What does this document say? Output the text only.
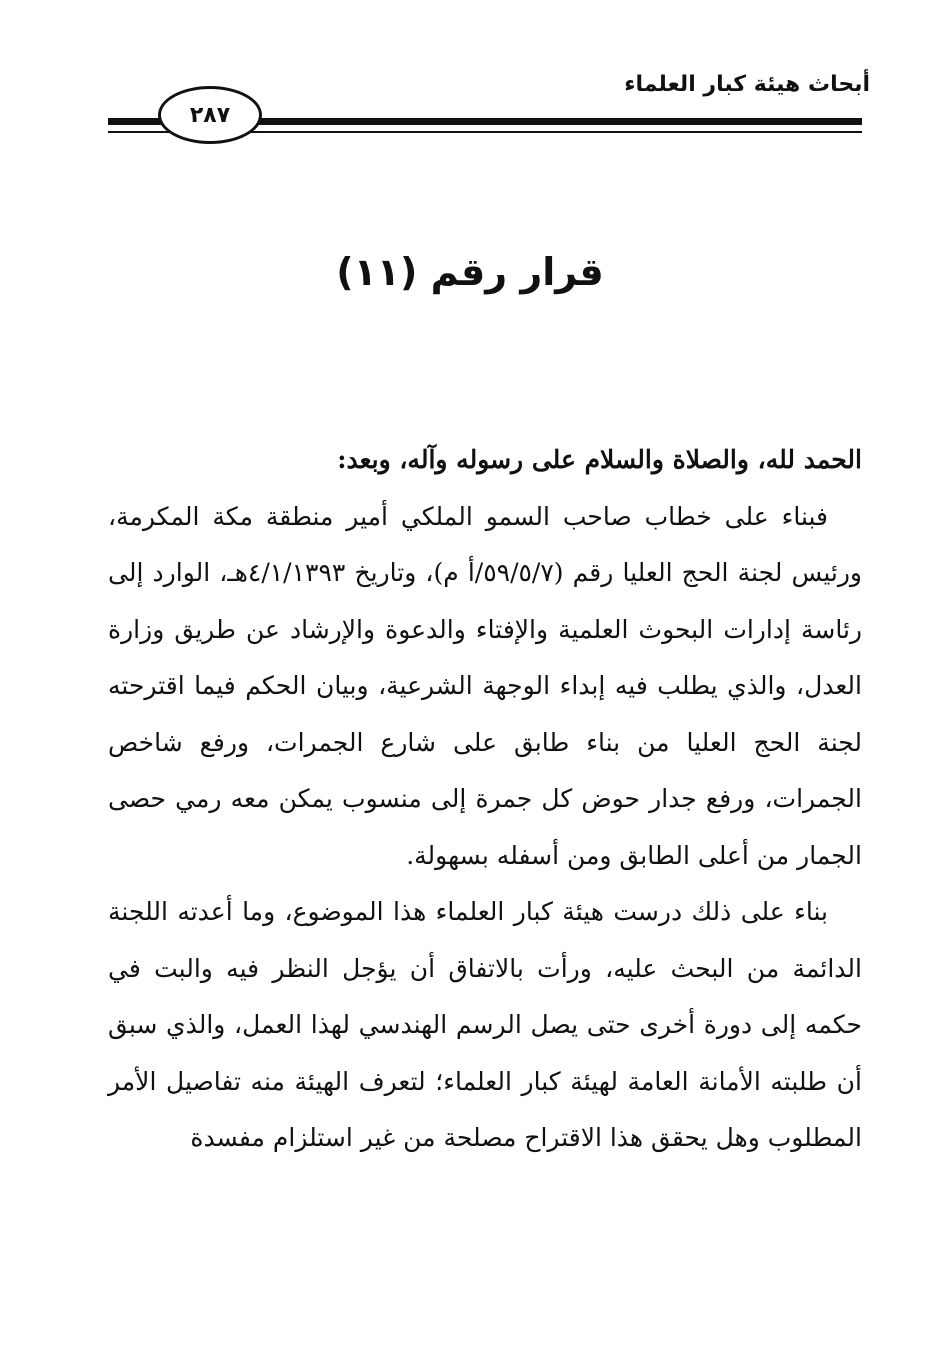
أبحاث هيئة كبار العلماء
٢٨٧
قرار رقم (١١)

الحمد لله، والصلاة والسلام على رسوله وآله، وبعد:

فبناء على خطاب صاحب السمو الملكي أمير منطقة مكة المكرمة، ورئيس لجنة الحج العليا رقم (٥٩/٥/٧/أ م)، وتاريخ ٤/١/١٣٩٣هـ، الوارد إلى رئاسة إدارات البحوث العلمية والإفتاء والدعوة والإرشاد عن طريق وزارة العدل، والذي يطلب فيه إبداء الوجهة الشرعية، وبيان الحكم فيما اقترحته لجنة الحج العليا من بناء طابق على شارع الجمرات، ورفع شاخص الجمرات، ورفع جدار حوض كل جمرة إلى منسوب يمكن معه رمي حصى الجمار من أعلى الطابق ومن أسفله بسهولة.

بناء على ذلك درست هيئة كبار العلماء هذا الموضوع، وما أعدته اللجنة الدائمة من البحث عليه، ورأت بالاتفاق أن يؤجل النظر فيه والبت في حكمه إلى دورة أخرى حتى يصل الرسم الهندسي لهذا العمل، والذي سبق أن طلبته الأمانة العامة لهيئة كبار العلماء؛ لتعرف الهيئة منه تفاصيل الأمر المطلوب وهل يحقق هذا الاقتراح مصلحة من غير استلزام مفسدة
